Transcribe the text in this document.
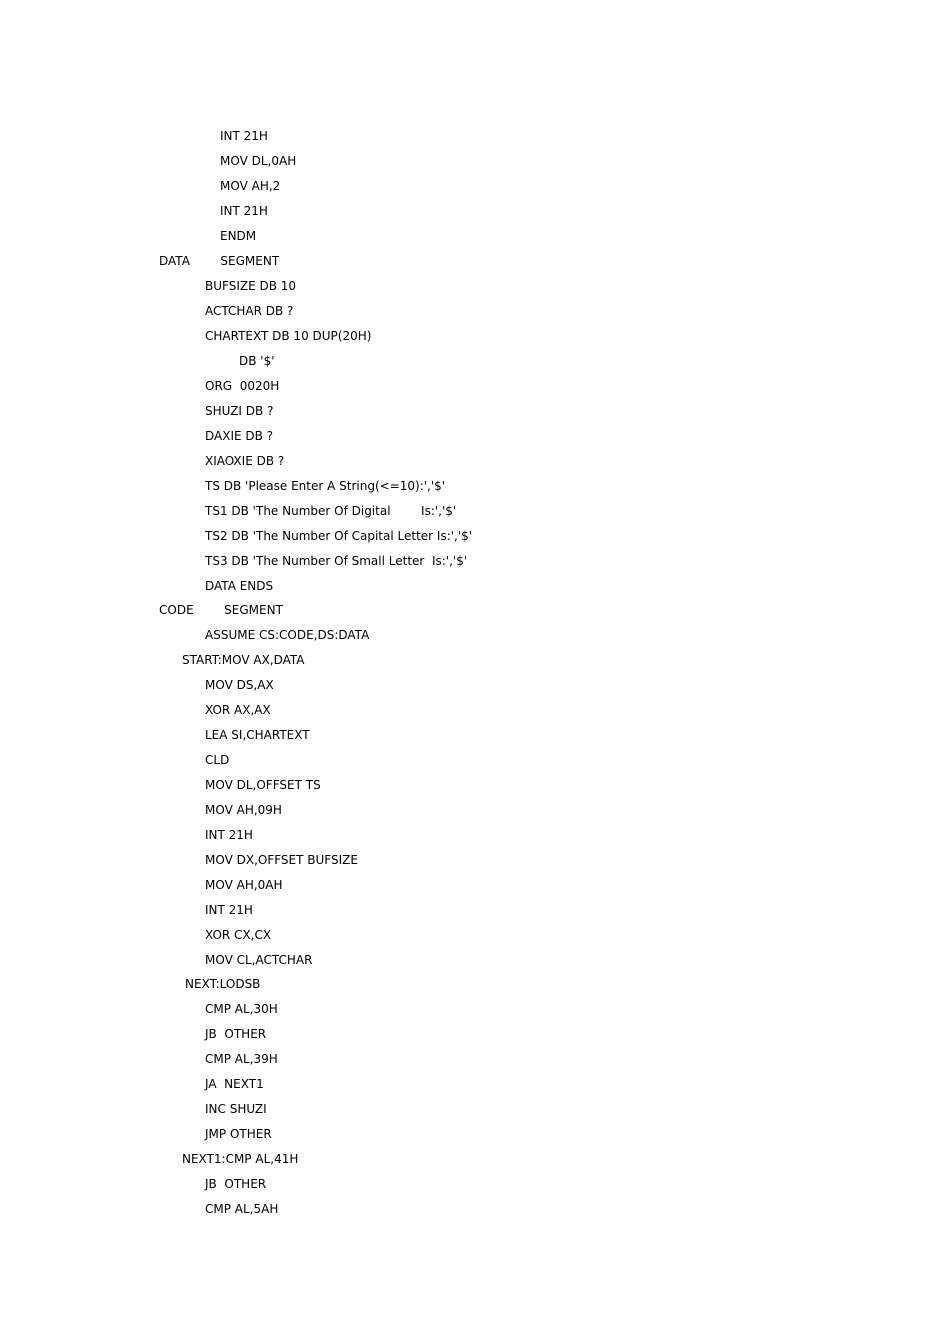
INT 21H
MOV DL,0AH
MOV AH,2
INT 21H
ENDM
DATA        SEGMENT
BUFSIZE DB 10
ACTCHAR DB ?
CHARTEXT DB 10 DUP(20H)
DB '$'
ORG  0020H
SHUZI DB ?
DAXIE DB ?
XIAOXIE DB ?
TS DB 'Please Enter A String(<=10):','$'
TS1 DB 'The Number Of Digital        Is:','$'
TS2 DB 'The Number Of Capital Letter Is:','$'
TS3 DB 'The Number Of Small Letter  Is:','$'
DATA ENDS
CODE        SEGMENT
ASSUME CS:CODE,DS:DATA
START:MOV AX,DATA
MOV DS,AX
XOR AX,AX
LEA SI,CHARTEXT
CLD
MOV DL,OFFSET TS
MOV AH,09H
INT 21H
MOV DX,OFFSET BUFSIZE
MOV AH,0AH
INT 21H
XOR CX,CX
MOV CL,ACTCHAR
NEXT:LODSB
CMP AL,30H
JB  OTHER
CMP AL,39H
JA  NEXT1
INC SHUZI
JMP OTHER
NEXT1:CMP AL,41H
JB  OTHER
CMP AL,5AH
